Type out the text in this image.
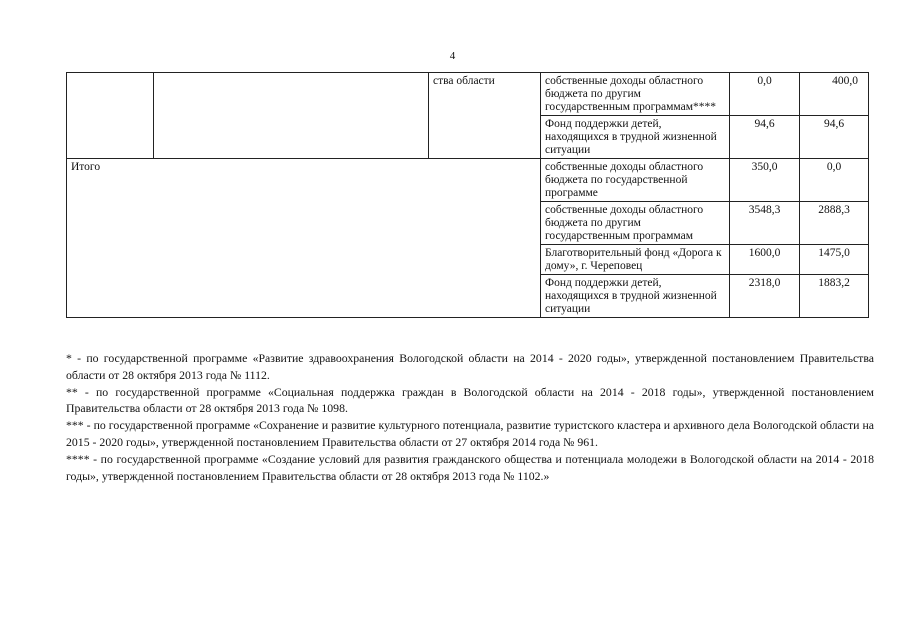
4
		ства области	собственные доходы областного бюджета по другим государственным программам****	0,0	400,0
			Фонд поддержки детей, находящихся в трудной жизненной ситуации	94,6	94,6
Итого			собственные доходы областного бюджета по государственной программе	350,0	0,0
			собственные доходы областного бюджета по другим государственным программам	3548,3	2888,3
			Благотворительный фонд «Дорога к дому», г. Череповец	1600,0	1475,0
			Фонд поддержки детей, находящихся в трудной жизненной ситуации	2318,0	1883,2

* - по государственной программе «Развитие здравоохранения Вологодской области на 2014 - 2020 годы», утвержденной постановлением Правительства области от 28 октября 2013 года № 1112.

** - по государственной программе «Социальная поддержка граждан в Вологодской области на 2014 - 2018 годы», утвержденной постановлением Правительства области от 28 октября 2013 года № 1098.

*** - по государственной программе «Сохранение и развитие культурного потенциала, развитие туристского кластера и архивного дела Вологодской области на 2015 - 2020 годы», утвержденной постановлением Правительства области от 27 октября 2014 года № 961.

**** - по государственной программе «Создание условий для развития гражданского общества и потенциала молодежи в Вологодской области на 2014 - 2018 годы», утвержденной постановлением Правительства области от 28 октября 2013 года № 1102.»
